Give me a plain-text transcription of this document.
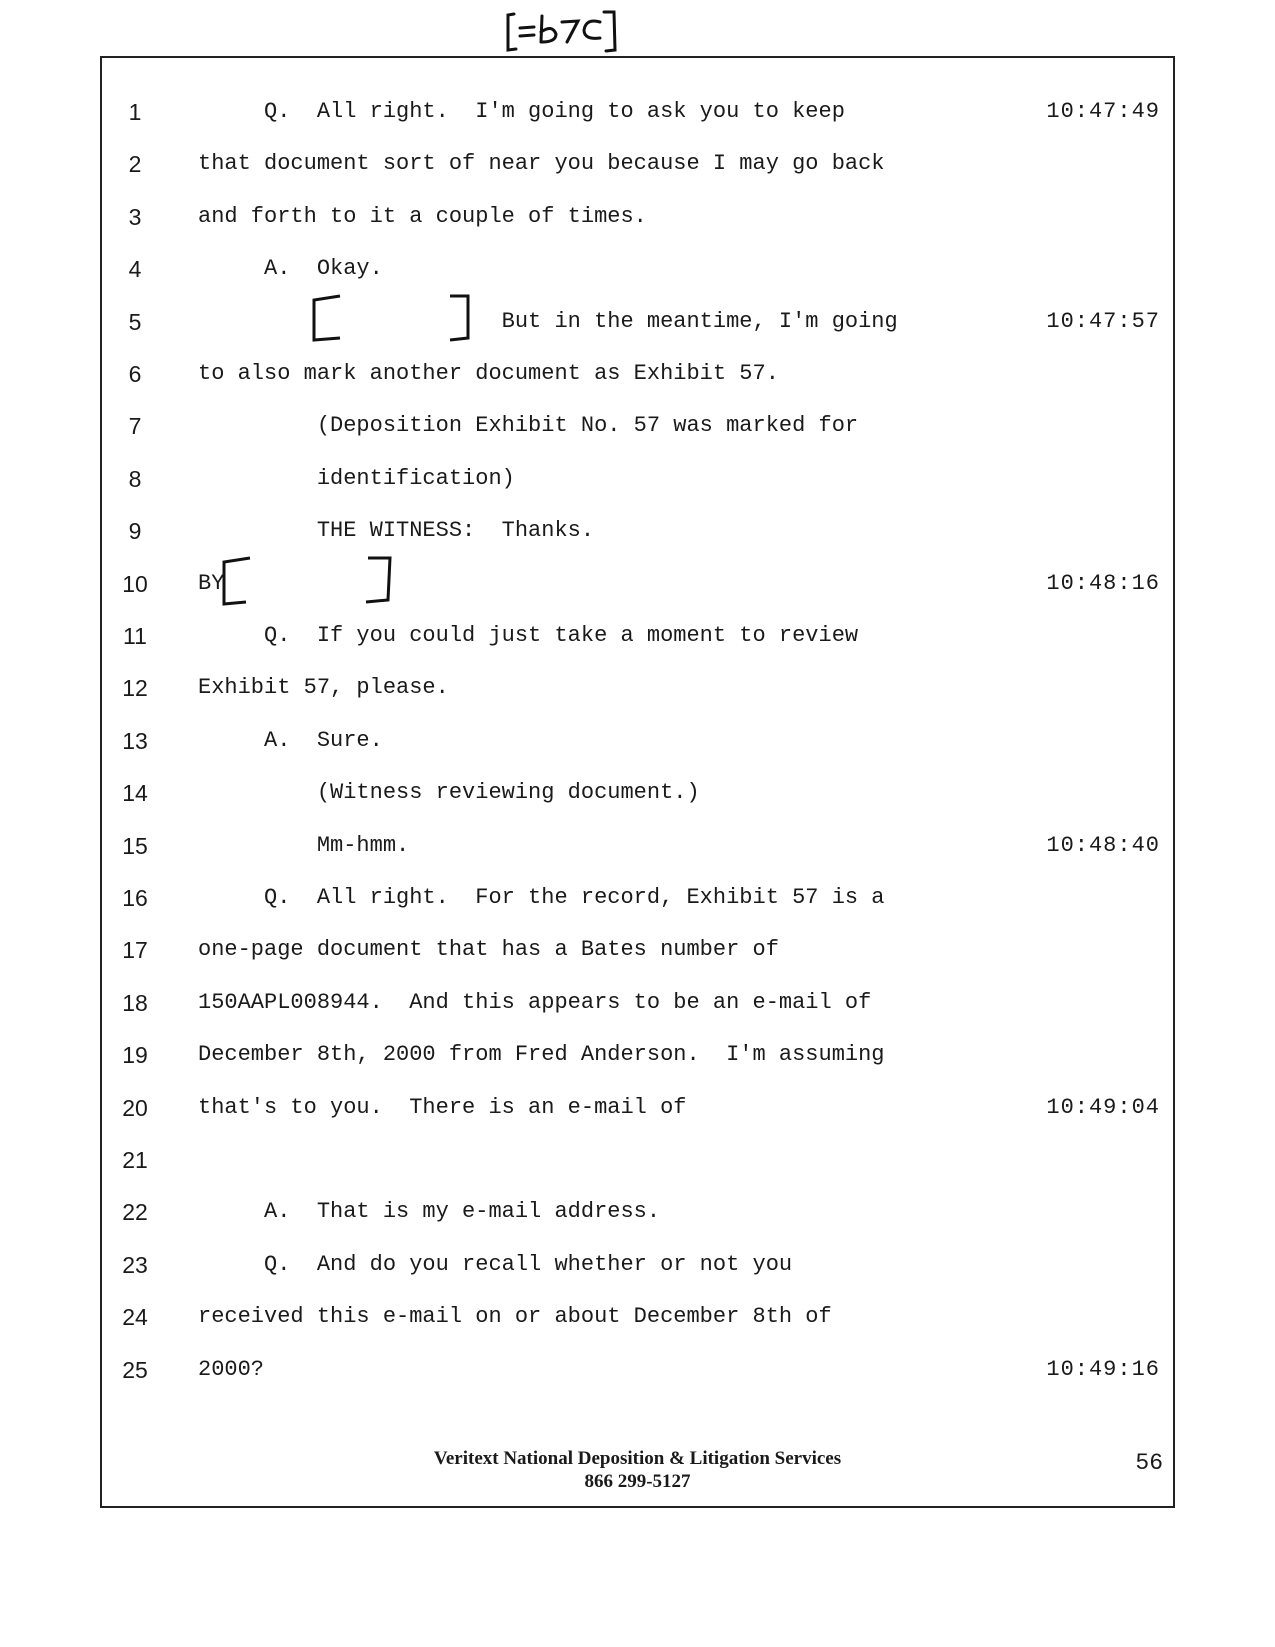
1	Q.  All right.  I'm going to ask you to keep	10:47:49
2	that document sort of near you because I may go back
3	and forth to it a couple of times.
4	A.  Okay.
5	But in the meantime, I'm going	10:47:57
6	to also mark another document as Exhibit 57.
7	(Deposition Exhibit No. 57 was marked for
8	identification)
9	THE WITNESS:  Thanks.
10	BY	10:48:16
11	Q.  If you could just take a moment to review
12	Exhibit 57, please.
13	A.  Sure.
14	(Witness reviewing document.)
15	Mm-hmm.	10:48:40
16	Q.  All right.  For the record, Exhibit 57 is a
17	one-page document that has a Bates number of
18	150AAPL008944.  And this appears to be an e-mail of
19	December 8th, 2000 from Fred Anderson.  I'm assuming
20	that's to you.  There is an e-mail of	10:49:04
21
22	A.  That is my e-mail address.
23	Q.  And do you recall whether or not you
24	received this e-mail on or about December 8th of
25	2000?	10:49:16
56
Veritext National Deposition & Litigation Services
866 299-5127
